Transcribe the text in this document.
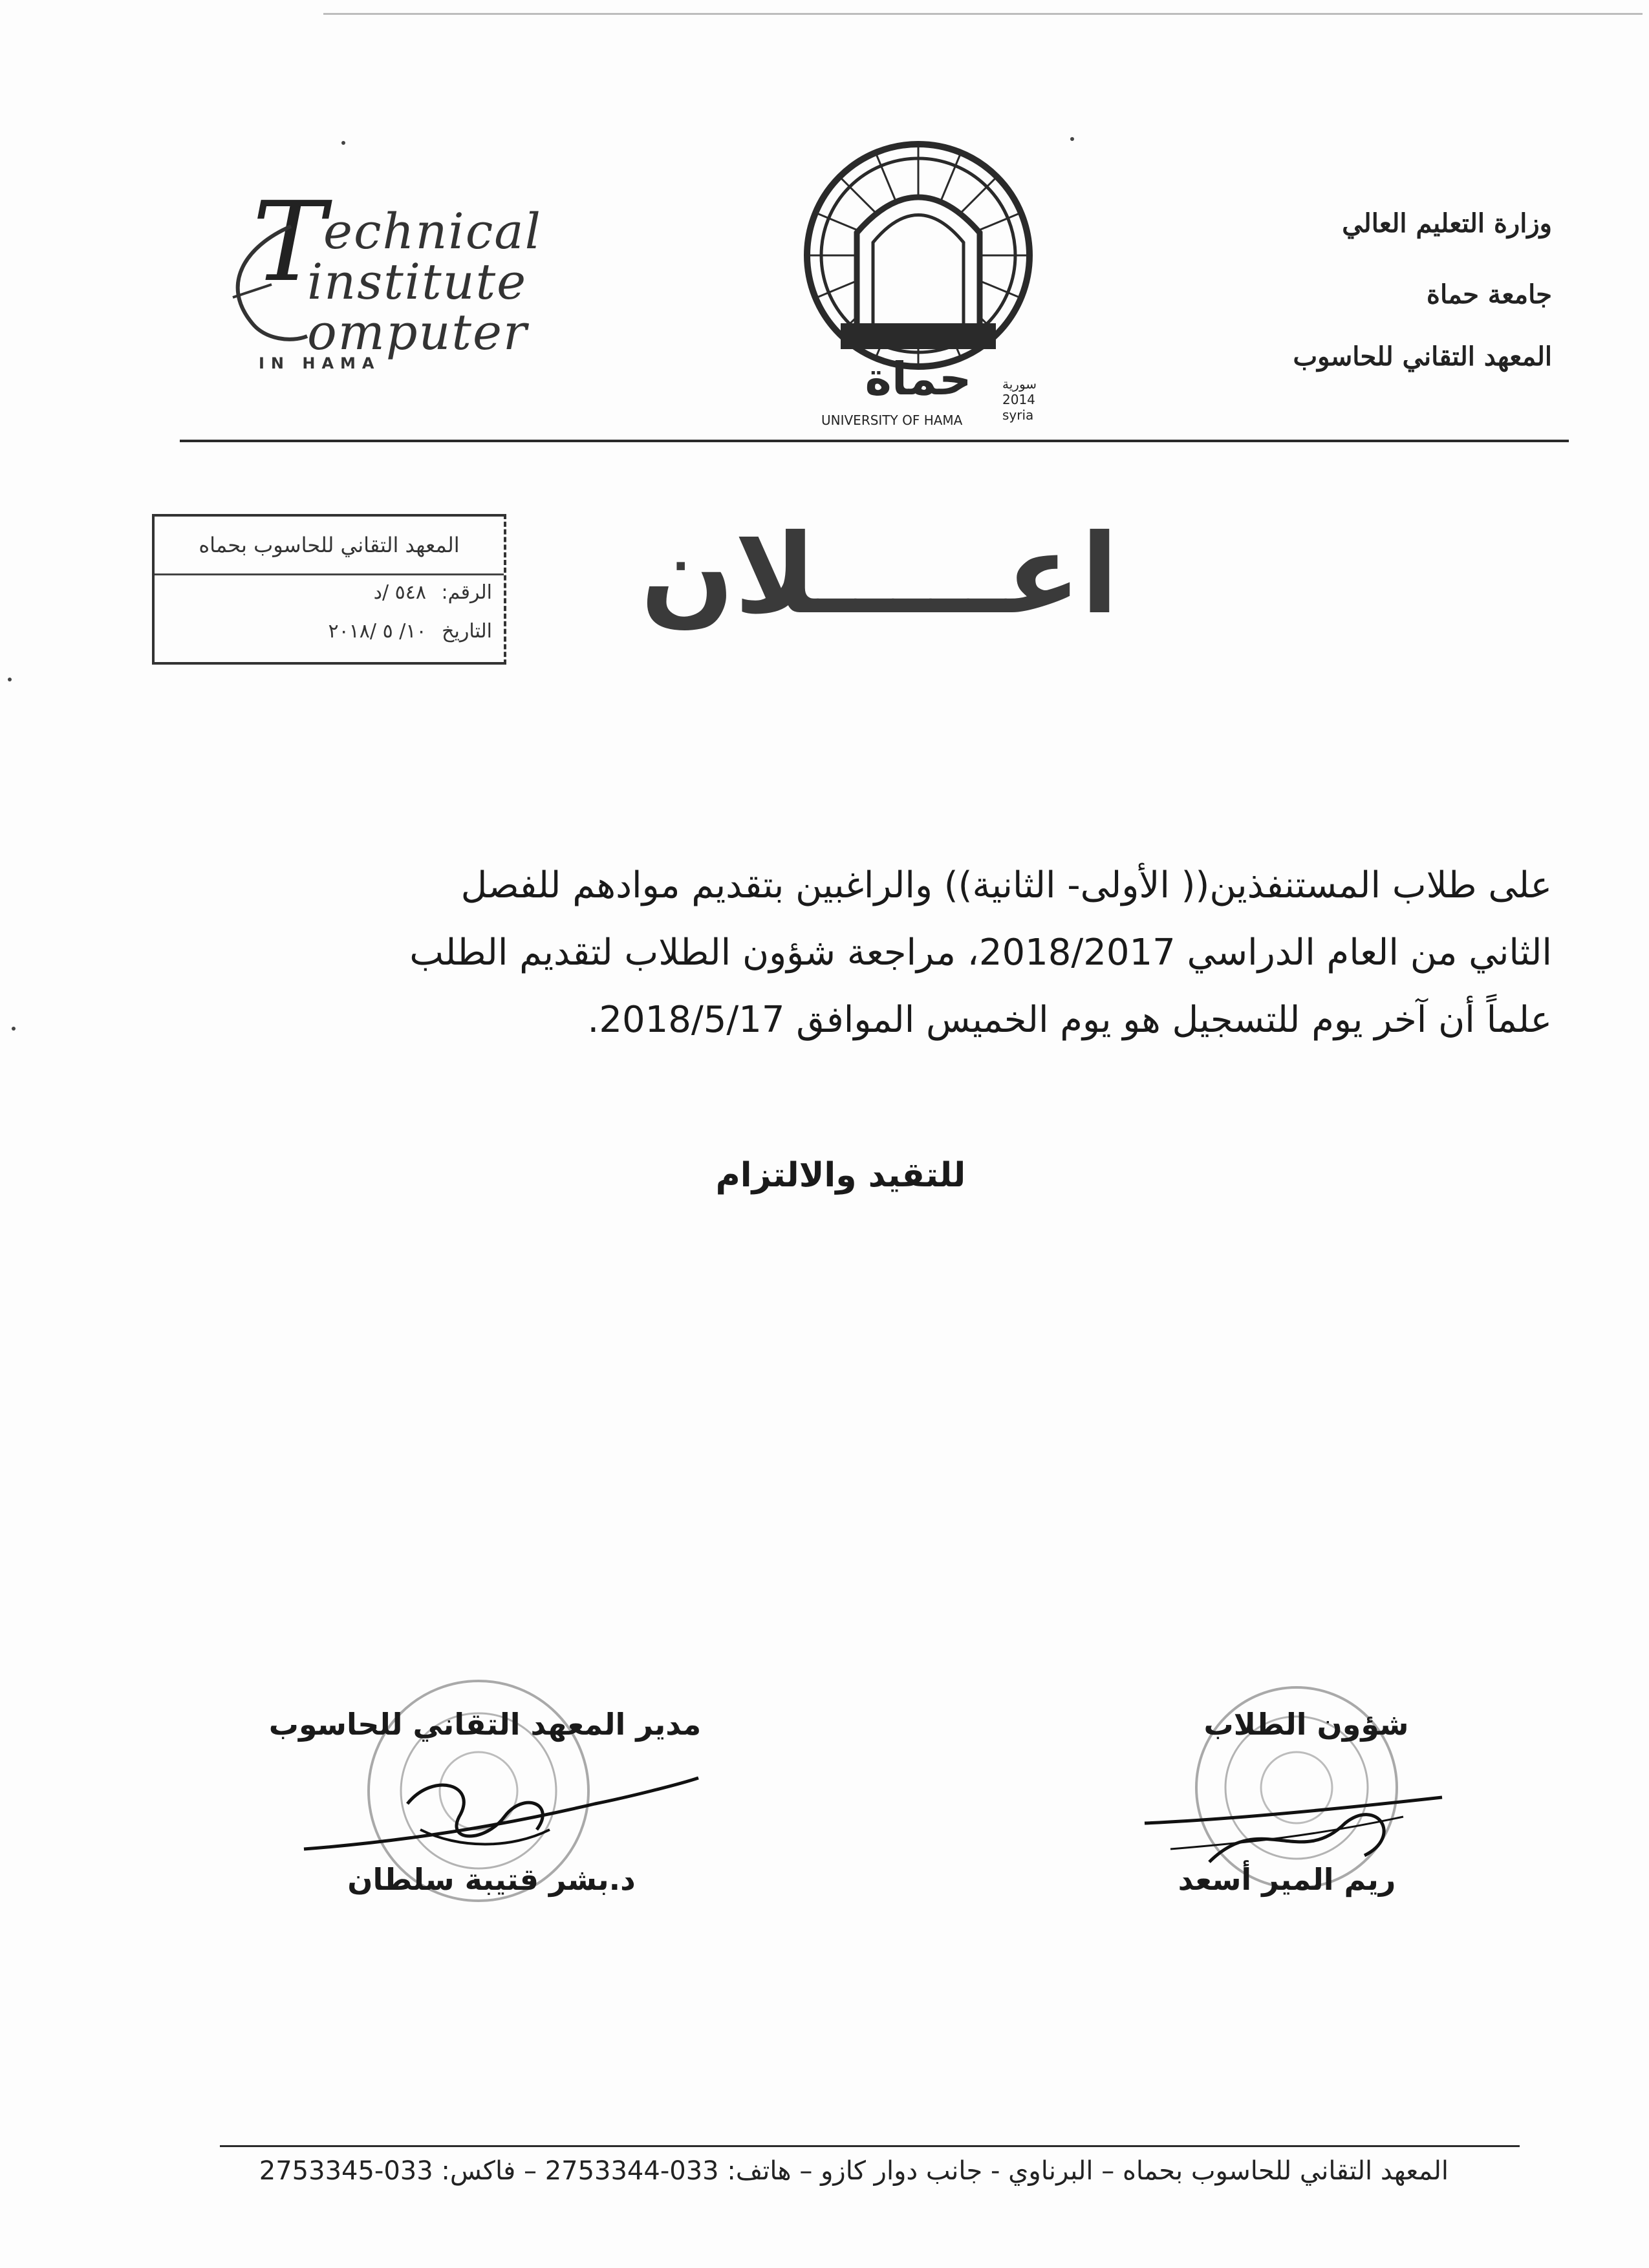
وزارة التعليم العالي
جامعة حماة
المعهد التقاني للحاسوب
T
echnical
institute
omputer
IN HAMA	حماة سورية
2014
syria
UNIVERSITY OF HAMA
المعهد التقاني للحاسوب بحماه
الرقم: ٥٤٨ /د
التاريخ ١٠/ ٥ /٢٠١٨	اعـــــلان

على طلاب المستنفذين(( الأولى- الثانية)) والراغبين بتقديم موادهم للفصل

الثاني من العام الدراسي 2018/2017، مراجعة شؤون الطلاب لتقديم الطلب

علماً أن آخر يوم للتسجيل هو يوم الخميس الموافق 2018/5/17.

للتقيد والالتزام
مدير المعهد التقاني للحاسوب	شؤون الطلاب
د.بشر قتيبة سلطان	ريم المير أسعد
المعهد التقاني للحاسوب بحماه – البرناوي - جانب دوار كازو – هاتف: 033-2753344 – فاكس: 033-2753345
